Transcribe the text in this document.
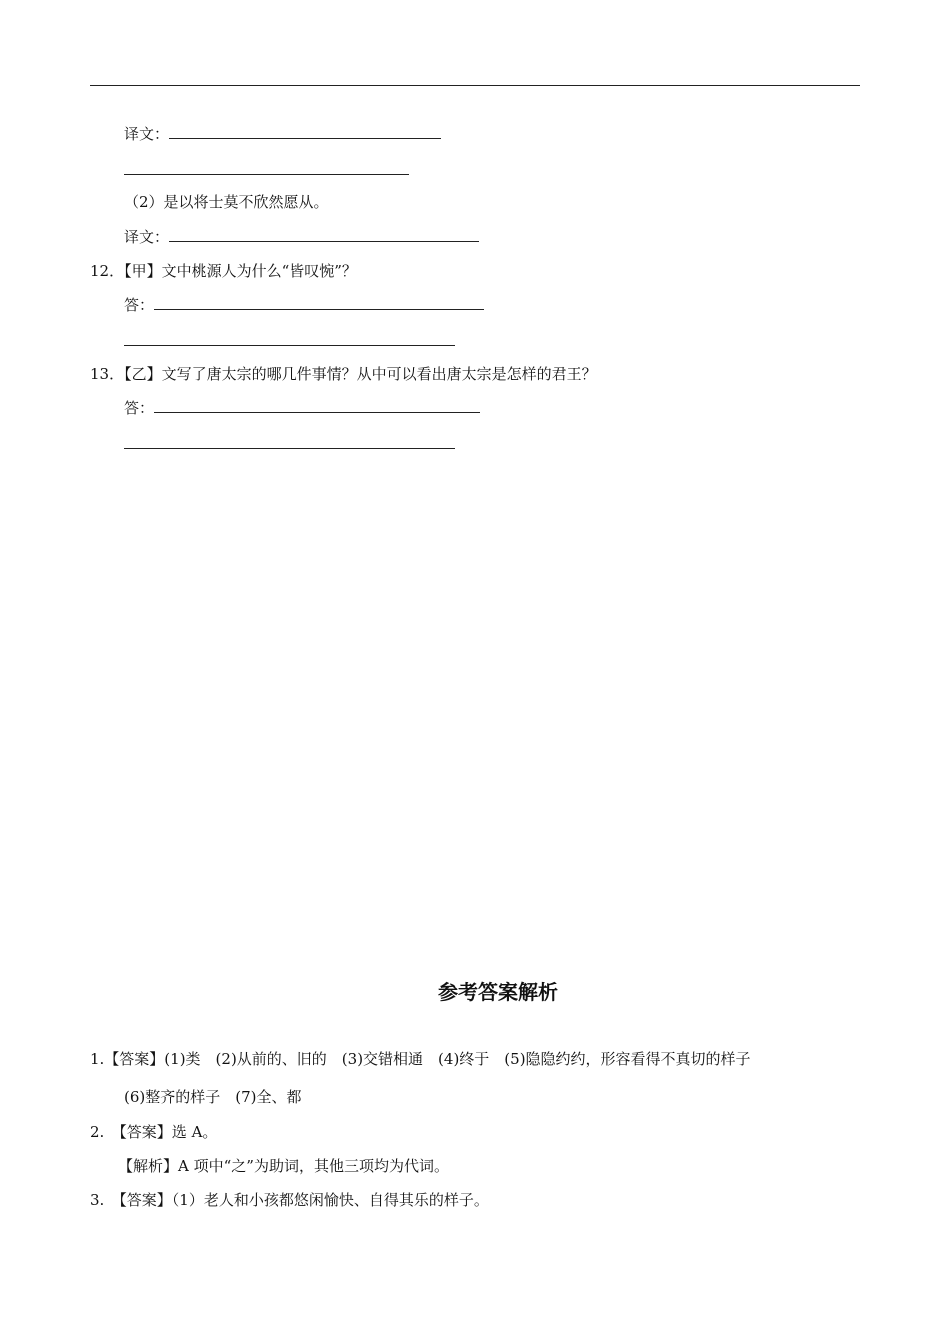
译文：
（2）是以将士莫不欣然愿从。
译文：
12．【甲】文中桃源人为什么“皆叹惋”？
答：
13．【乙】文写了唐太宗的哪几件事情？从中可以看出唐太宗是怎样的君王？
答：
参考答案解析
1.【答案】(1)类　(2)从前的、旧的　(3)交错相通　(4)终于　(5)隐隐约约，形容看得不真切的样子
(6)整齐的样子　(7)全、都
2.　【答案】选 A。
【解析】A 项中“之”为助词，其他三项均为代词。
3.　【答案】（1）老人和小孩都悠闲愉快、自得其乐的样子。
